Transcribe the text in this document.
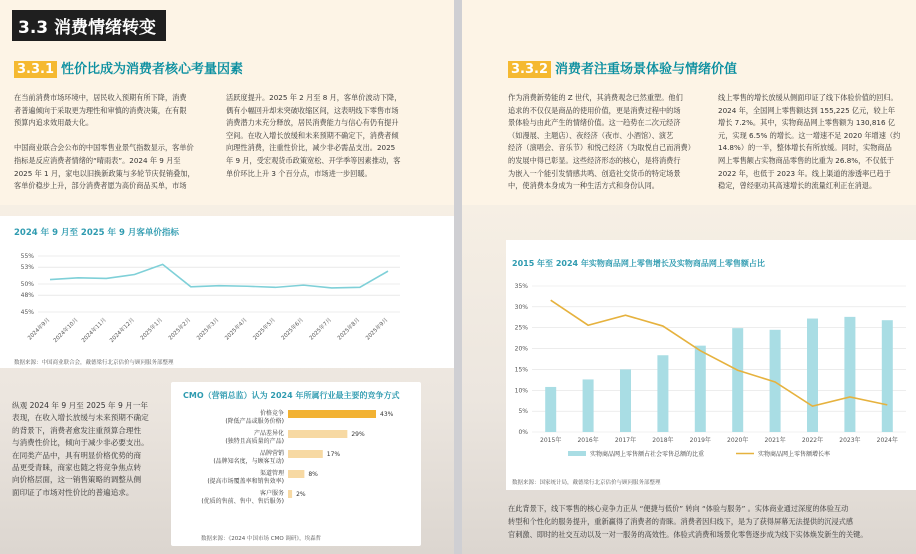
3.3 消费情绪转变
3.3.1 性价比成为消费者核心考量因素
在当前消费市场环境中，居民收入预期有所下降，消费
者普遍倾向于采取更为理性和审慎的消费决策，在有限
预算内追求效用最大化。

中国商业联合会公布的中国零售业景气指数显示，客单价
指标是反应消费者情绪的“晴雨表”。2024 年 9 月至
2025 年 1 月，家电以旧换新政策与多轮节庆促销叠加，
客单价稳步上升，部分消费者愿为高价商品买单，市场
活跃度提升。2025 年 2 月至 8 月，客单价波动下降，
偶有小幅回升却未突破收缩区间，这表明线下零售市场
消费潜力未充分释放，居民消费能力与信心有仍有提升
空间。在收入增长放缓和未来预期不确定下，消费者倾
向理性消费，注重性价比，减少非必需品支出。2025
年 9 月，受宏观货币政策宽松、开学季等因素推动，客
单价环比上升 3 个百分点，市场进一步回暖。
2024 年 9 月至 2025 年 9 月客单价指标
45%
48%
50%
53%
55%
2024年9月 2024年10月 2024年11月 2024年12月 2025年1月 2025年2月 2025年3月 2025年4月 2025年5月 2025年6月 2025年7月 2025年8月 2025年9月
数据来源：中国商业联合会，戴德梁行北京估价与顾问服务部整理
纵观 2024 年 9 月至 2025 年 9 月一年
表现，在收入增长放缓与未来预期不确定
的背景下，消费者愈发注重预算合理性
与消费性价比，倾向于减少非必要支出。
在同类产品中，具有明显价格优势的商
品更受青睐，商家也随之将竞争焦点转
向价格层面，这一销售策略的调整从侧
面印证了市场对性价比的普遍追求。
CMO（营销总监）认为 2024 年所属行业最主要的竞争方式
价格竞争
(降低产品或服务价格)
43%
产品差异化
(独特且高质量的产品)
29%
品牌营销
(品牌知名度，与顾客互动)
17%
渠道管理
(提高市场覆盖率和销售效率)
8%
客户服务
(优质的售前、售中、售后服务)
2%
数据来源：《2024 中国市场 CMO 调研》，埃森哲
3.3.2 消费者注重场景体验与情绪价值
作为消费新势能的 Z 世代，其消费观念已然重塑。他们
追求的不仅仅是商品的使用价值，更是消费过程中的场
景体验与由此产生的情绪价值。这一趋势在二次元经济
（如漫展、主题店）、夜经济（夜市、小酒馆）、演艺
经济（演唱会、音乐节）和悦己经济（为取悦自己而消费）
的发展中得已彰显。这些经济形态的核心，是将消费行
为嵌入一个能引发情感共鸣、创造社交货币的特定场景
中，使消费本身成为一种生活方式和身份认同。
线上零售的增长放缓从侧面印证了线下体验价值的回归。
2024 年，全国网上零售额达到 155,225 亿元，较上年
增长 7.2%。其中，实物商品网上零售额为 130,816 亿
元，实现 6.5% 的增长。这一增速不足 2020 年增速（约
14.8%）的一半，整体增长有所放缓。同时，实物商品
网上零售额占实物商品零售的比重为 26.8%，不仅低于
2022 年，也低于 2023 年。线上渠道的渗透率已趋于
稳定，曾经驱动其高速增长的流量红利正在消退。
2015 年至 2024 年实物商品网上零售增长及实物商品网上零售额占比
0%
5%
10%
15%
20%
25%
30%
35%
2015年	2016年	2017年	2018年	2019年	2020年	2021年	2022年	2023年	2024年
实物商品网上零售额占社会零售总额的比重	实物商品网上零售额增长率
数据来源：国家统计局，戴德梁行北京估价与顾问服务部整理
在此背景下，线下零售的核心竞争力正从 “便捷与低价” 转向 “体验与服务” 。实体商业通过深度的体验互动
转型和个性化的服务提升，重新赢得了消费者的青睐。消费者因归线下，是为了获得屏幕无法提供的沉浸式感
官刺激、即时的社交互动以及一对一服务的高效性。体验式消费和场景化零售逐步成为线下实体焕发新生的关键。
